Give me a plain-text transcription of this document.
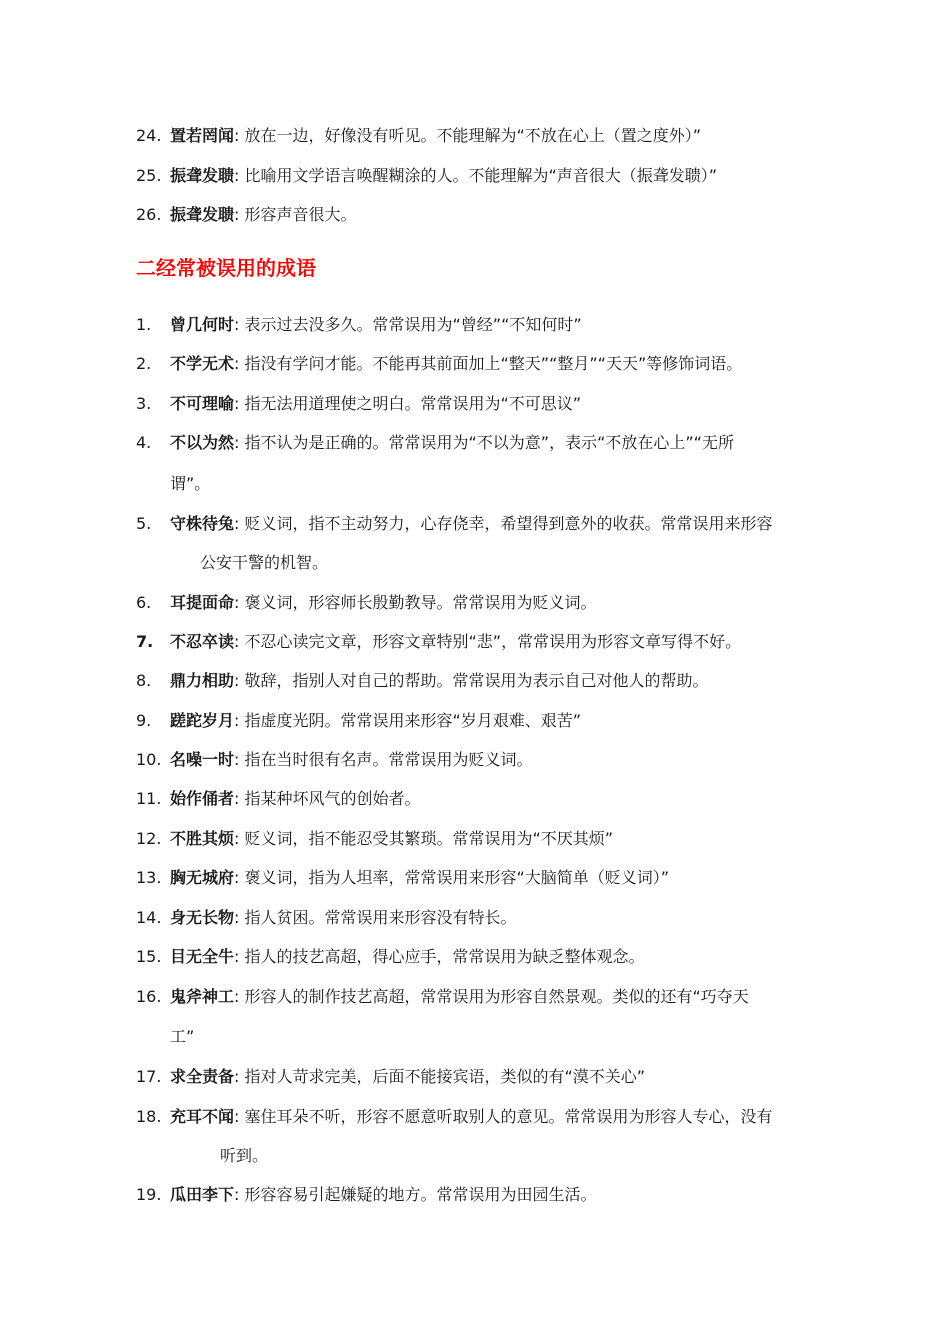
24. 置若罔闻: 放在一边，好像没有听见。不能理解为“不放在心上（置之度外）”
25. 振聋发聩: 比喻用文学语言唤醒糊涂的人。不能理解为“声音很大（振聋发聩）”
26. 振聋发聩: 形容声音很大。
二经常被误用的成语
1. 曾几何时: 表示过去没多久。常常误用为“曾经”“不知何时”
2. 不学无术: 指没有学问才能。不能再其前面加上“整天”“整月”“天天”等修饰词语。
3. 不可理喻: 指无法用道理使之明白。常常误用为“不可思议”
4. 不以为然: 指不认为是正确的。常常误用为“不以为意”，表示“不放在心上”“无所
谓”。
5. 守株待兔: 贬义词，指不主动努力，心存侥幸，希望得到意外的收获。常常误用来形容
公安干警的机智。
6. 耳提面命: 褒义词，形容师长殷勤教导。常常误用为贬义词。
7. 不忍卒读: 不忍心读完文章，形容文章特别“悲”，常常误用为形容文章写得不好。
8. 鼎力相助: 敬辞，指别人对自己的帮助。常常误用为表示自己对他人的帮助。
9. 蹉跎岁月: 指虚度光阴。常常误用来形容“岁月艰难、艰苦”
10. 名噪一时: 指在当时很有名声。常常误用为贬义词。
11. 始作俑者: 指某种坏风气的创始者。
12. 不胜其烦: 贬义词，指不能忍受其繁琐。常常误用为“不厌其烦”
13. 胸无城府: 褒义词，指为人坦率，常常误用来形容“大脑简单（贬义词）”
14. 身无长物: 指人贫困。常常误用来形容没有特长。
15. 目无全牛: 指人的技艺高超，得心应手，常常误用为缺乏整体观念。
16. 鬼斧神工: 形容人的制作技艺高超，常常误用为形容自然景观。类似的还有“巧夺天
工”
17. 求全责备: 指对人苛求完美，后面不能接宾语，类似的有“漠不关心”
18. 充耳不闻: 塞住耳朵不听，形容不愿意听取别人的意见。常常误用为形容人专心，没有
听到。
19. 瓜田李下: 形容容易引起嫌疑的地方。常常误用为田园生活。
